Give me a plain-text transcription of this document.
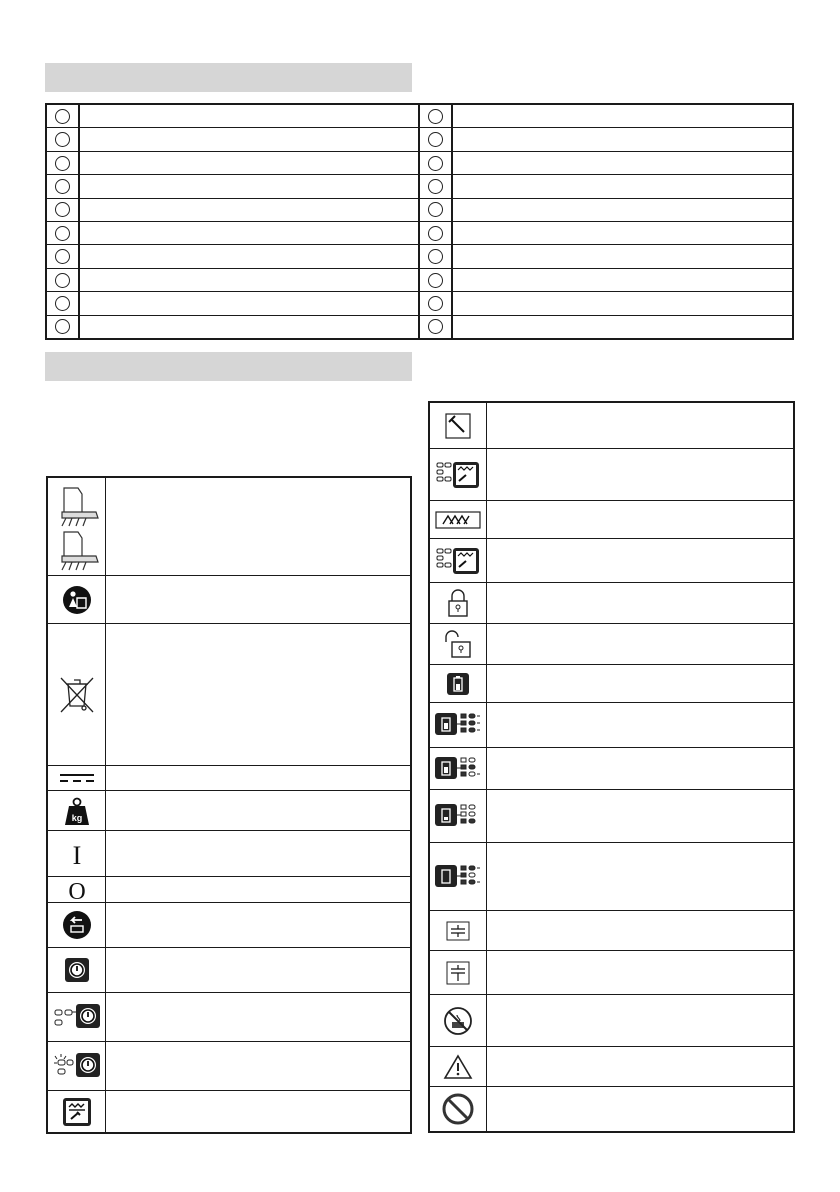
kg
I
O
